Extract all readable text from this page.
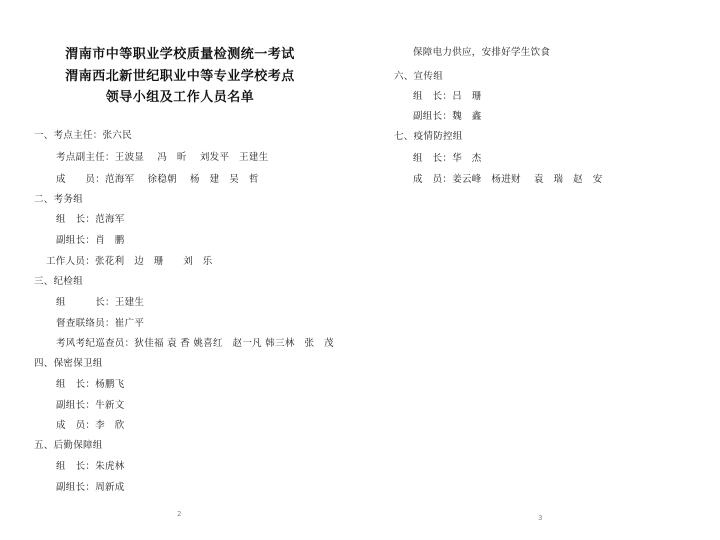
渭南市中等职业学校质量检测统一考试
渭南西北新世纪职业中等专业学校考点
领导小组及工作人员名单
一、考点主任：张六民
考点副主任：王波显　 冯　昕　 刘发平　王建生
成　　员：范海军　 徐稳朝　 杨　建　吴　哲
二、考务组
组　长：范海军
副组长：肖　鹏
工作人员：张花利　边　珊　　刘　乐
三、纪检组
组　　　长：王建生
督查联络员：崔广平
考风考纪巡查员：狄佳福 袁 香 姚喜红　赵一凡 韩三林　张　茂
四、保密保卫组
组　长：杨鹏飞
副组长：牛新文
成　员：李　欣
五、后勤保障组
组　长：朱虎林
副组长：周新成
2
保障电力供应，安排好学生饮食
六、宣传组
组　长：吕　珊
副组长：魏　鑫
七、疫情防控组
组　长：华　杰
成　员：姜云峰　杨进财　 袁　瑞　赵　安
3
